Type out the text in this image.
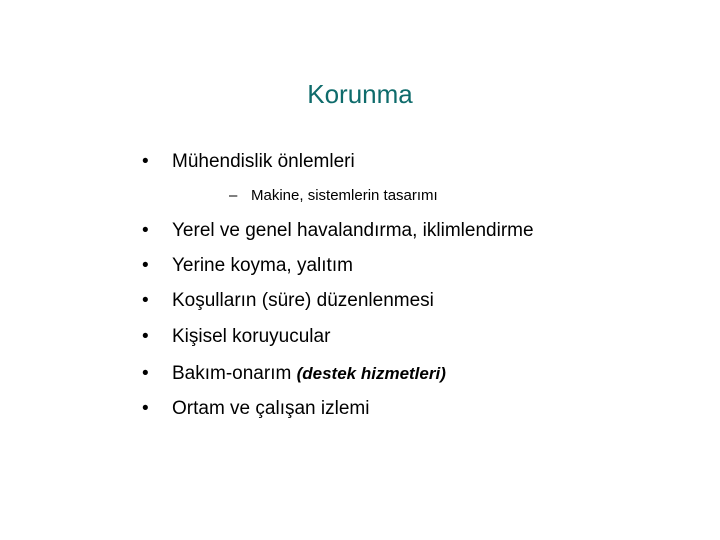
Korunma
• Mühendislik önlemleri
– Makine, sistemlerin tasarımı
• Yerel ve genel havalandırma, iklimlendirme
• Yerine koyma, yalıtım
• Koşulların (süre) düzenlenmesi
• Kişisel koruyucular
• Bakım-onarım (destek hizmetleri)
• Ortam ve çalışan izlemi
